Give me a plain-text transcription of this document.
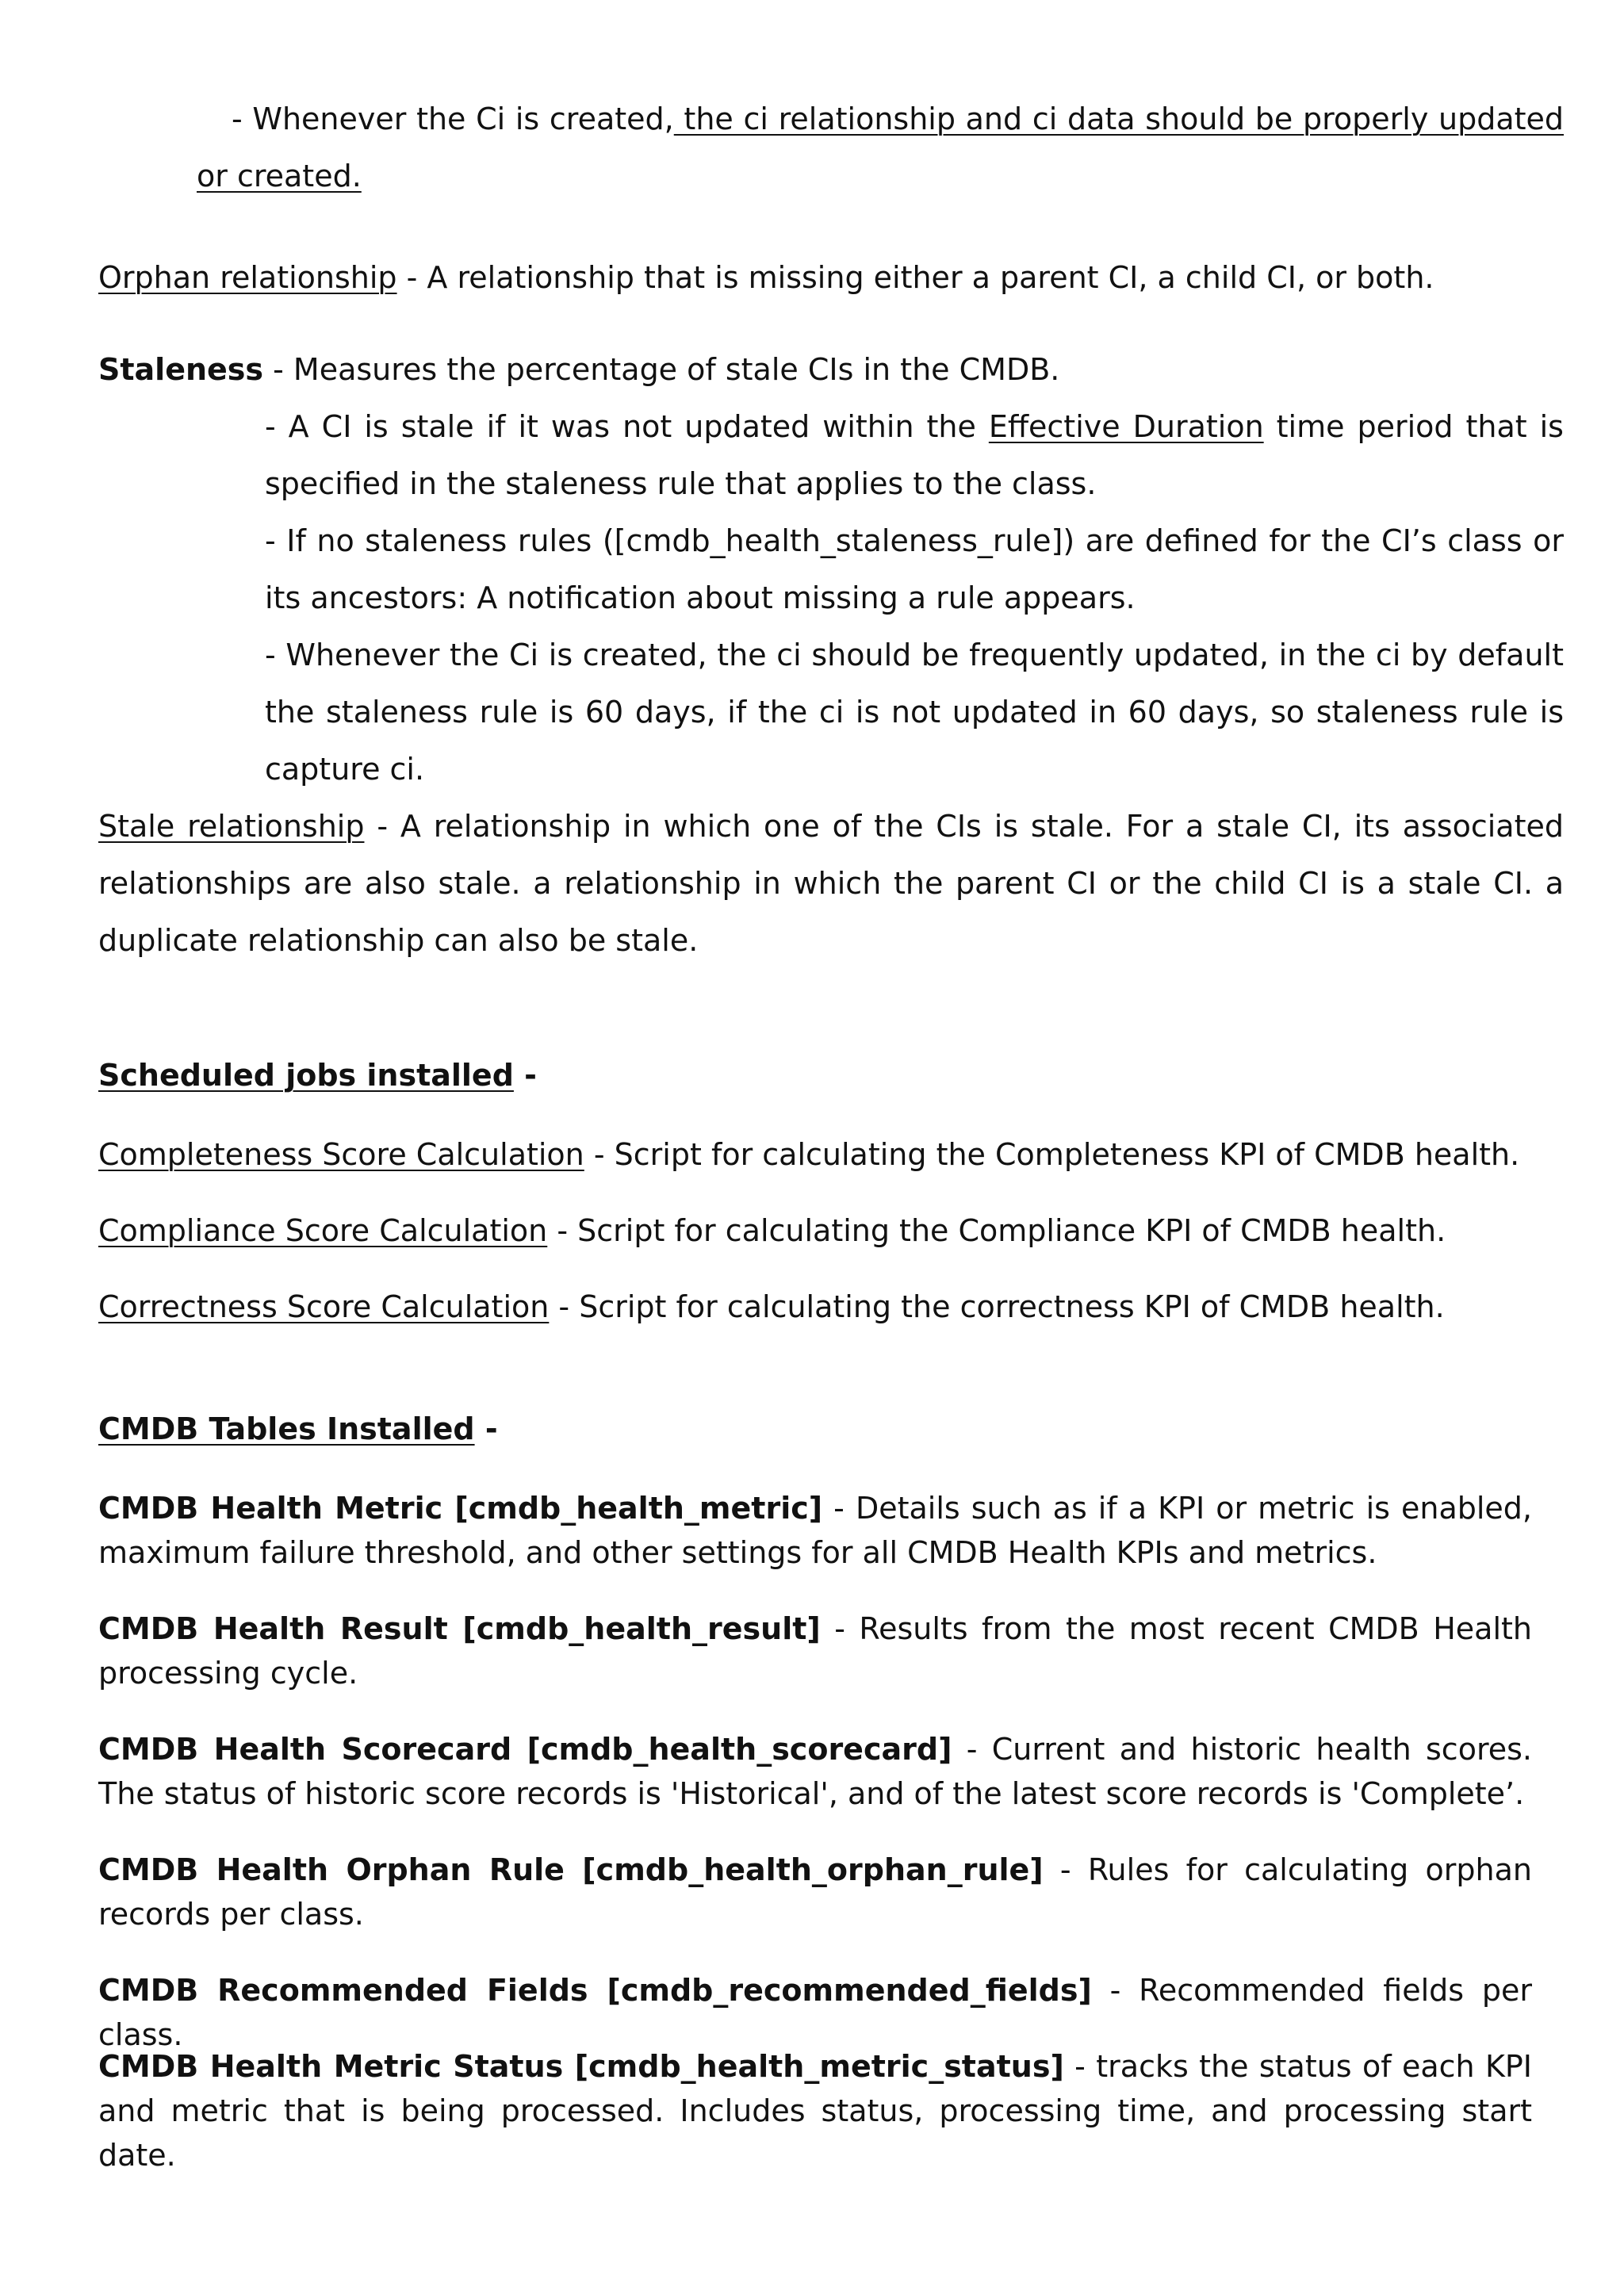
- Whenever the Ci is created, the ci relationship and ci data should be properly updated or created.

Orphan relationship - A relationship that is missing either a parent CI, a child CI, or both.

Staleness - Measures the percentage of stale CIs in the CMDB.

- A CI is stale if it was not updated within the Effective Duration time period that is specified in the staleness rule that applies to the class.

- If no staleness rules ([cmdb_health_staleness_rule]) are defined for the CI’s class or its ancestors: A notification about missing a rule appears.

- Whenever the Ci is created, the ci should be frequently updated, in the ci by default the staleness rule is 60 days, if the ci is not updated in 60 days, so staleness rule is capture ci.

Stale relationship - A relationship in which one of the CIs is stale. For a stale CI, its associated relationships are also stale. a relationship in which the parent CI or the child CI is a stale CI. a duplicate relationship can also be stale.

Scheduled jobs installed -

Completeness Score Calculation - Script for calculating the Completeness KPI of CMDB health.

Compliance Score Calculation - Script for calculating the Compliance KPI of CMDB health.

Correctness Score Calculation - Script for calculating the correctness KPI of CMDB health.

CMDB Tables Installed -

CMDB Health Metric [cmdb_health_metric] - Details such as if a KPI or metric is enabled, maximum failure threshold, and other settings for all CMDB Health KPIs and metrics.

CMDB Health Result [cmdb_health_result] - Results from the most recent CMDB Health processing cycle.

CMDB Health Scorecard [cmdb_health_scorecard] - Current and historic health scores. The status of historic score records is 'Historical', and of the latest score records is 'Complete’.

CMDB Health Orphan Rule [cmdb_health_orphan_rule] - Rules for calculating orphan records per class.

CMDB Recommended Fields [cmdb_recommended_fields] - Recommended fields per class.

CMDB Health Metric Status [cmdb_health_metric_status] - tracks the status of each KPI and metric that is being processed. Includes status, processing time, and processing start date.
